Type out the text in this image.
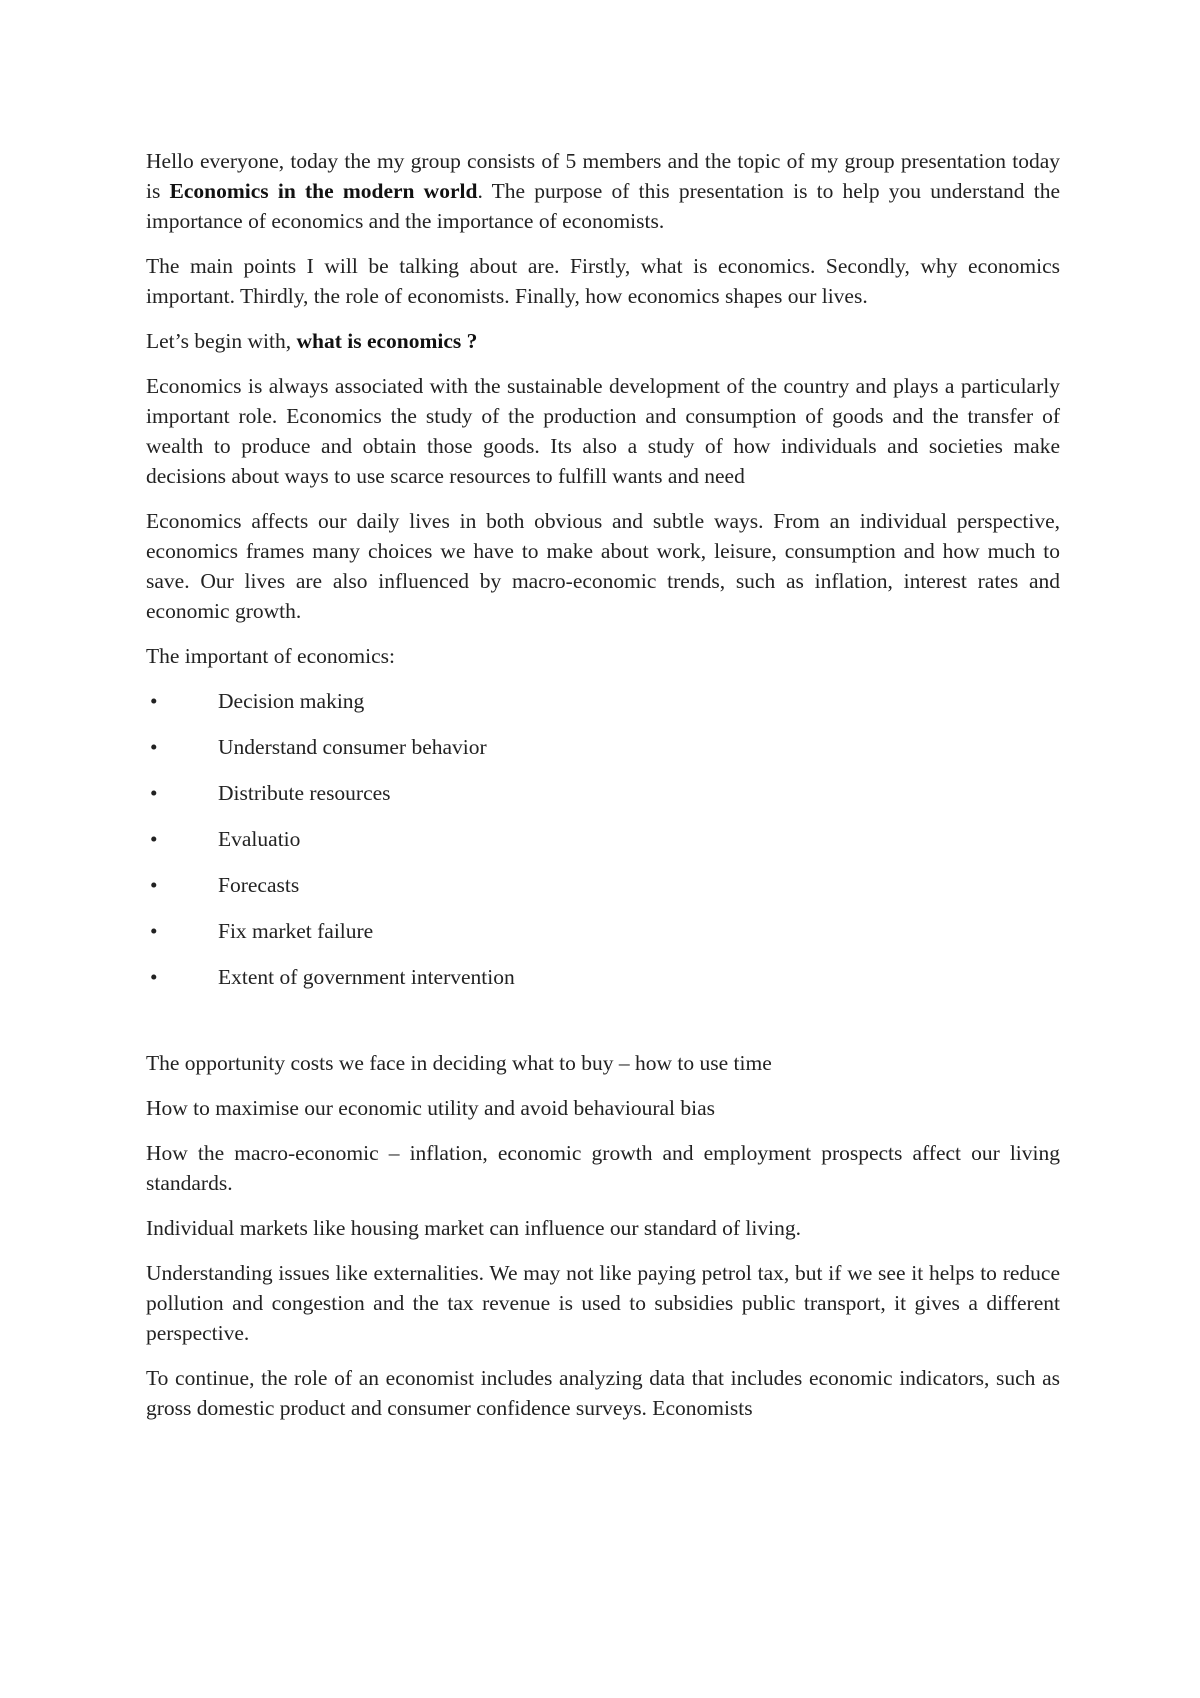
Hello everyone, today the my group consists of 5 members and the topic of my group presentation today is Economics in the modern world. The purpose of this presentation is to help you understand the importance of economics and the importance of economists.

The main points I will be talking about are. Firstly, what is economics. Secondly, why economics important. Thirdly, the role of economists. Finally, how economics shapes our lives.

Let’s begin with, what is economics ?

Economics is always associated with the sustainable development of the country and plays a particularly important role. Economics the study of the production and consumption of goods and the transfer of wealth to produce and obtain those goods. Its also a study of how individuals and societies make decisions about ways to use scarce resources to fulfill wants and need

Economics affects our daily lives in both obvious and subtle ways. From an individual perspective, economics frames many choices we have to make about work, leisure, consumption and how much to save. Our lives are also influenced by macro-economic trends, such as inflation, interest rates and economic growth.

The important of economics:

•	Decision making
•	Understand consumer behavior
•	Distribute resources
•	Evaluatio
•	Forecasts
•	Fix market failure
•	Extent of government intervention

The opportunity costs we face in deciding what to buy – how to use time

How to maximise our economic utility and avoid behavioural bias

How the macro-economic – inflation, economic growth and employment prospects affect our living standards.

Individual markets like housing market can influence our standard of living.

Understanding issues like externalities. We may not like paying petrol tax, but if we see it helps to reduce pollution and congestion and the tax revenue is used to subsidies public transport, it gives a different perspective.

To continue, the role of an economist includes analyzing data that includes economic indicators, such as gross domestic product and consumer confidence surveys. Economists
